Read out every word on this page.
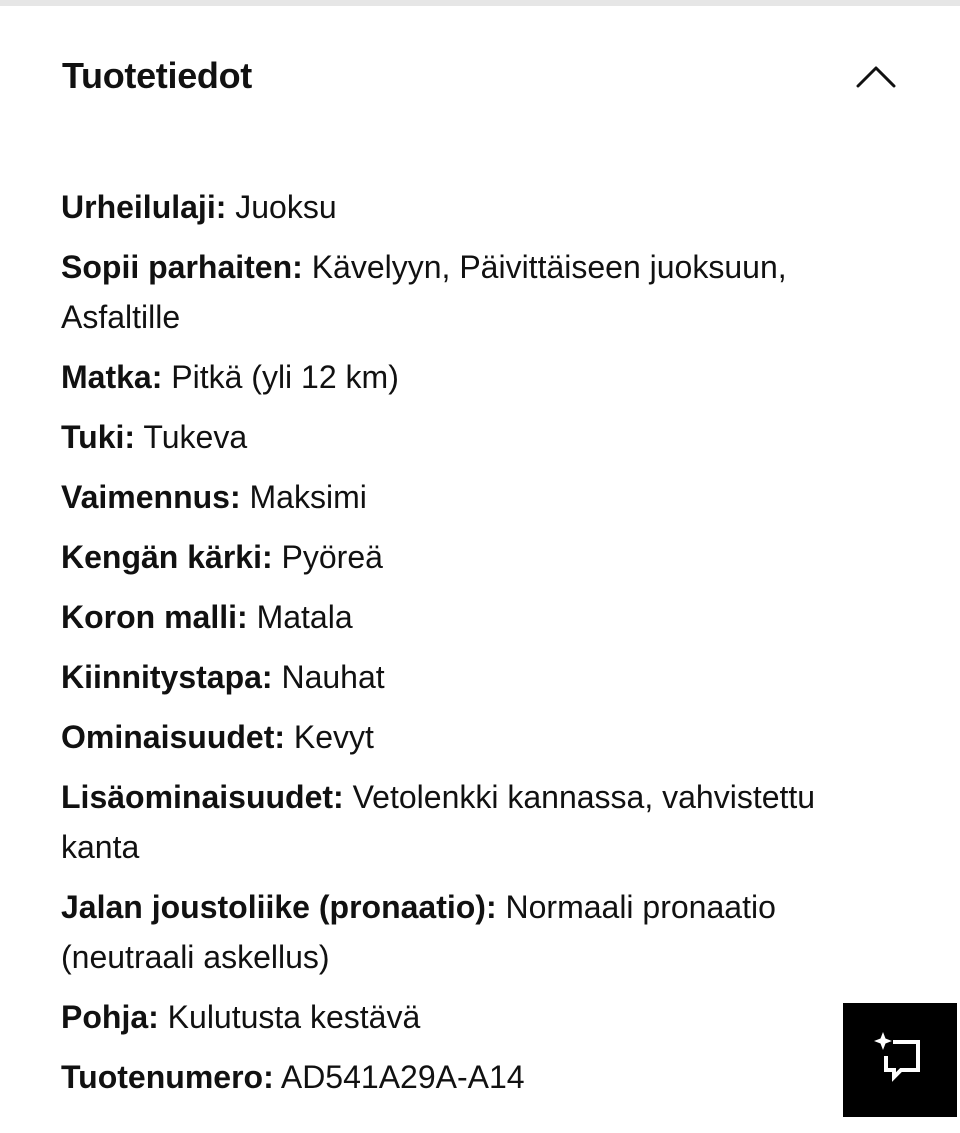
Tuotetiedot
Urheilulaji: Juoksu
Sopii parhaiten: Kävelyyn, Päivittäiseen juoksuun, Asfaltille
Matka: Pitkä (yli 12 km)
Tuki: Tukeva
Vaimennus: Maksimi
Kengän kärki: Pyöreä
Koron malli: Matala
Kiinnitystapa: Nauhat
Ominaisuudet: Kevyt
Lisäominaisuudet: Vetolenkki kannassa, vahvistettu kanta
Jalan joustoliike (pronaatio): Normaali pronaatio (neutraali askellus)
Pohja: Kulutusta kestävä
Tuotenumero: AD541A29A-A14
